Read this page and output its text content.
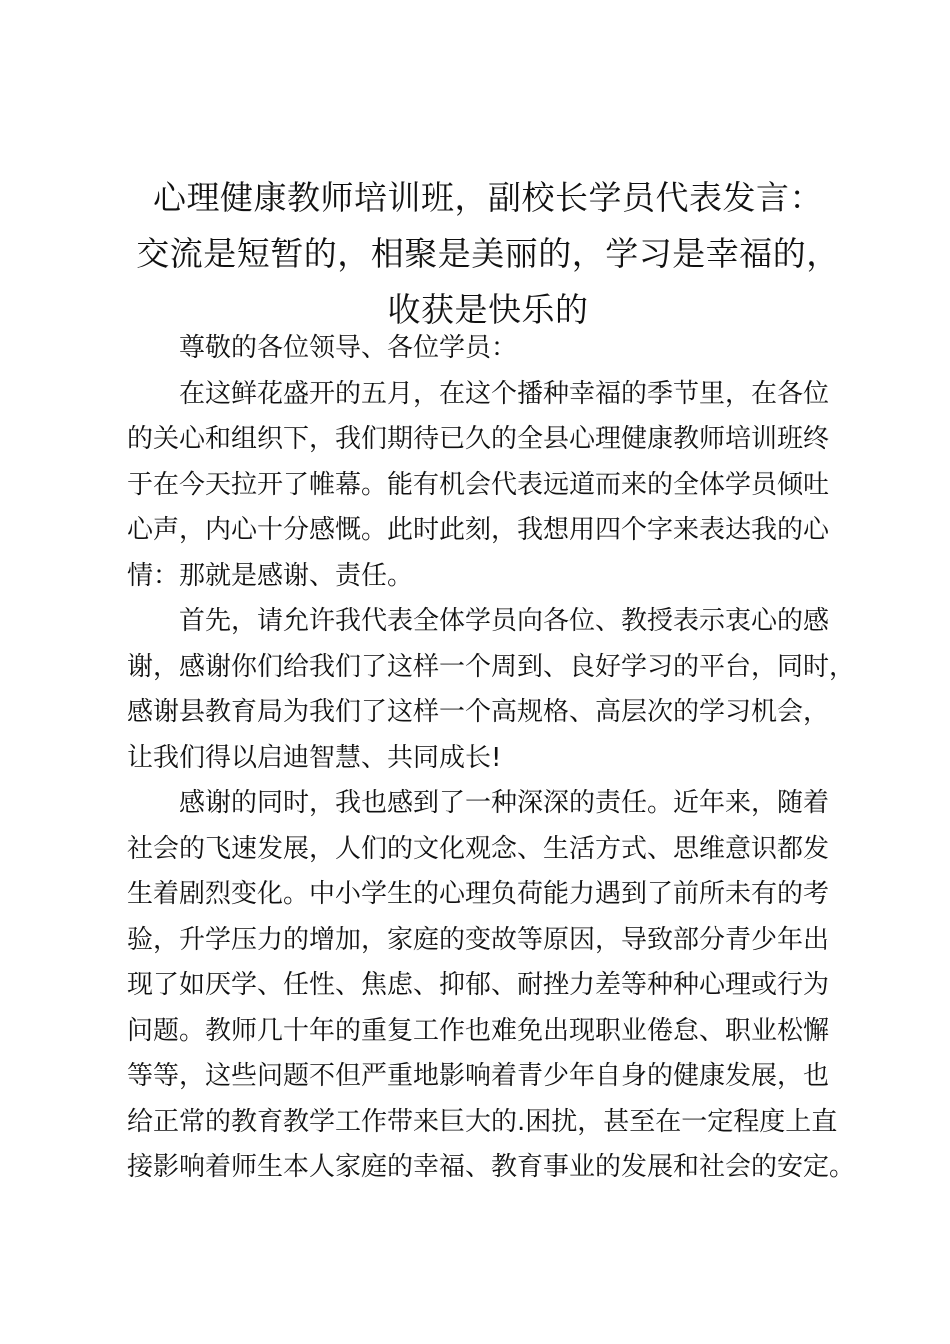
心理健康教师培训班，副校长学员代表发言：
交流是短暂的，相聚是美丽的，学习是幸福的，
收获是快乐的
尊敬的各位领导、各位学员：
在这鲜花盛开的五月，在这个播种幸福的季节里，在各位
的关心和组织下，我们期待已久的全县心理健康教师培训班终
于在今天拉开了帷幕。能有机会代表远道而来的全体学员倾吐
心声，内心十分感慨。此时此刻，我想用四个字来表达我的心
情：那就是感谢、责任。
首先，请允许我代表全体学员向各位、教授表示衷心的感
谢，感谢你们给我们了这样一个周到、良好学习的平台，同时，
感谢县教育局为我们了这样一个高规格、高层次的学习机会，
让我们得以启迪智慧、共同成长!
感谢的同时，我也感到了一种深深的责任。近年来，随着
社会的飞速发展，人们的文化观念、生活方式、思维意识都发
生着剧烈变化。中小学生的心理负荷能力遇到了前所未有的考
验，升学压力的增加，家庭的变故等原因，导致部分青少年出
现了如厌学、任性、焦虑、抑郁、耐挫力差等种种心理或行为
问题。教师几十年的重复工作也难免出现职业倦怠、职业松懈
等等，这些问题不但严重地影响着青少年自身的健康发展，也
给正常的教育教学工作带来巨大的.困扰，甚至在一定程度上直
接影响着师生本人家庭的幸福、教育事业的发展和社会的安定。
